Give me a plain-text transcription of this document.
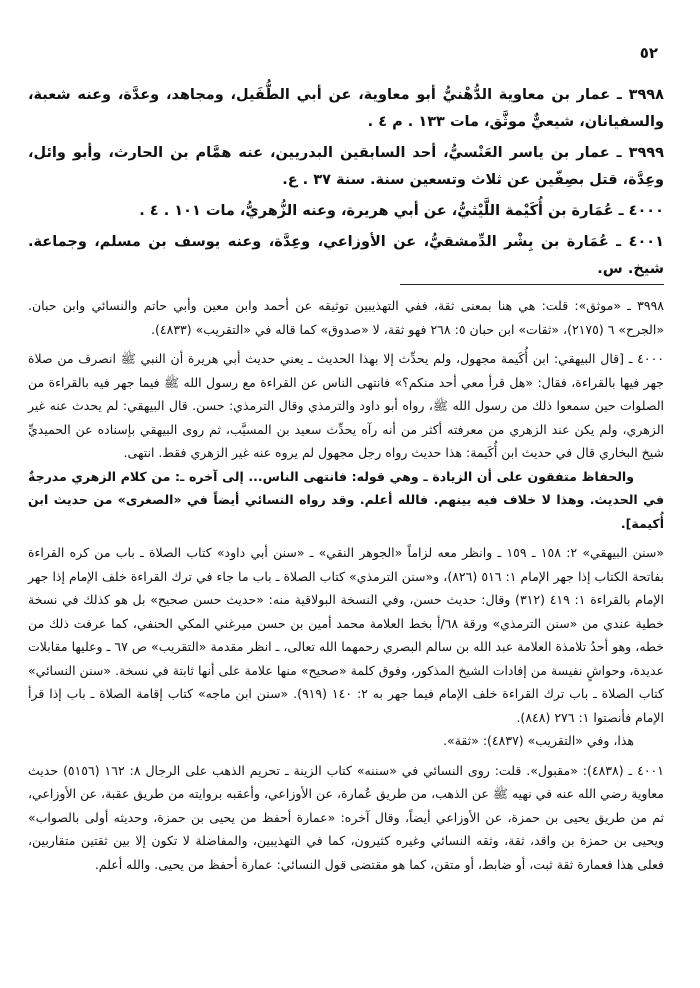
٥٢

٣٩٩٨ ـ عمار بن معاوية الدُّهْنيُّ أبو معاوية، عن أبي الطُّفَيل، ومجاهد، وعدَّة، وعنه شعبة، والسفيانان، شيعيٌّ موثَّق، مات ١٣٣ . م ٤ .

٣٩٩٩ ـ عمار بن ياسر العَنْسيُّ، أحد السابقين البدريين، عنه همَّام بن الحارث، وأبو وائل، وعِدَّة، قتل بصِفّين عن ثلاث وتسعين سنة. سنة ٣٧ . ع.

٤٠٠٠ ـ عُمَارة بن أُكَيْمة اللَّيْثيُّ، عن أبي هريرة، وعنه الزُّهريُّ، مات ١٠١ . ٤ .

٤٠٠١ ـ عُمَارة بن بِشْر الدِّمشقيُّ، عن الأوزاعي، وعِدَّة، وعنه يوسف بن مسلم، وجماعة. شيخ. س.

٣٩٩٨ ـ «موثق»: قلت: هي هنا بمعنى ثقة، ففي التهذيبين توثيقه عن أحمد وابن معين وأبي حاتم والنسائي وابن حبان. «الجرح» ٦ (٢١٧٥)، «ثقات» ابن حبان ٥: ٢٦٨ فهو ثقة، لا «صدوق» كما قاله في «التقريب» (٤٨٣٣).

٤٠٠٠ ـ [قال البيهقي: ابن أُكَيمة مجهول، ولم يحدِّث إلا بهذا الحديث ـ يعني حديث أبي هريرة أن النبي ﷺ انصرف من صلاة جهر فيها بالقراءة، فقال: «هل قرأ معي أحد منكم؟» فانتهى الناس عن القراءة مع رسول الله ﷺ فيما جهر فيه بالقراءة من الصلوات حين سمعوا ذلك من رسول الله ﷺ، رواه أبو داود والترمذي وقال الترمذي: حسن. قال البيهقي: لم يحدث عنه غير الزهري، ولم يكن عند الزهري من معرفته أكثر من أنه رآه يحدِّث سعيد بن المسيَّب، ثم روى البيهقي بإسناده عن الحميديِّ شيخ البخاري قال في حديث ابن أُكَيمة: هذا حديث رواه رجل مجهول لم يروه عنه غير الزهري فقط. انتهى.

والحفاظ متفقون على أن الزيادة ـ وهي قوله: فانتهى الناس... إلى آخره ـ: من كلام الزهري مدرجةٌ في الحديث. وهذا لا خلاف فيه بينهم. فالله أعلم. وقد رواه النسائي أيضاً في «الصغرى» من حديث ابن أُكيمة].

«سنن البيهقي» ٢: ١٥٨ ـ ١٥٩ ـ وانظر معه لزاماً «الجوهر النقي» ـ «سنن أبي داود» كتاب الصلاة ـ باب من كره القراءة بفاتحة الكتاب إذا جهر الإمام ١: ٥١٦ (٨٢٦)، و«سنن الترمذي» كتاب الصلاة ـ باب ما جاء في ترك القراءة خلف الإمام إذا جهر الإمام بالقراءة ١: ٤١٩ (٣١٢) وقال: حديث حسن، وفي النسخة البولاقية منه: «حديث حسن صحيح» بل هو كذلك في نسخة خطية عندي من «سنن الترمذي» ورقة ٦٨/أ بخط العلامة محمد أمين بن حسن ميرغني المكي الحنفي، كما عرفت ذلك من خطه، وهو أحدُ تلامذة العلامة عبد الله بن سالم البصري رحمهما الله تعالى، ـ انظر مقدمة «التقريب» ص ٦٧ ـ وعليها مقابلات عديدة، وحواشٍ نفيسة من إفادات الشيخ المذكور، وفوق كلمة «صحيح» منها علامة على أنها ثابتة في نسخة. «سنن النسائي» كتاب الصلاة ـ باب ترك القراءة خلف الإمام فيما جهر به ٢: ١٤٠ (٩١٩). «سنن ابن ماجه» كتاب إقامة الصلاة ـ باب إذا قرأ الإمام فأنصتوا ١: ٢٧٦ (٨٤٨).

هذا، وفي «التقريب» (٤٨٣٧): «ثقة».

٤٠٠١ ـ (٤٨٣٨): «مقبول». قلت: روى النسائي في «سننه» كتاب الزينة ـ تحريم الذهب على الرجال ٨: ١٦٢ (٥١٥٦) حديث معاوية رضي الله عنه في نهيه ﷺ عن الذهب، من طريق عُمارة، عن الأوزاعي، وأعقبه بروايته من طريق عقبة، عن الأوزاعي، ثم من طريق يحيى بن حمزة، عن الأوزاعي أيضاً، وقال آخره: «عمارة أحفظ من يحيى بن حمزة، وحديثه أولى بالصواب» ويحيى بن حمزة بن واقد، ثقة، وثقه النسائي وغيره كثيرون، كما في التهذيبين، والمفاضلة لا تكون إلا بين ثقتين متقاربين، فعلى هذا فعمارة ثقة ثبت، أو ضابط، أو متقن، كما هو مقتضى قول النسائي: عمارة أحفظ من يحيى. والله أعلم.
